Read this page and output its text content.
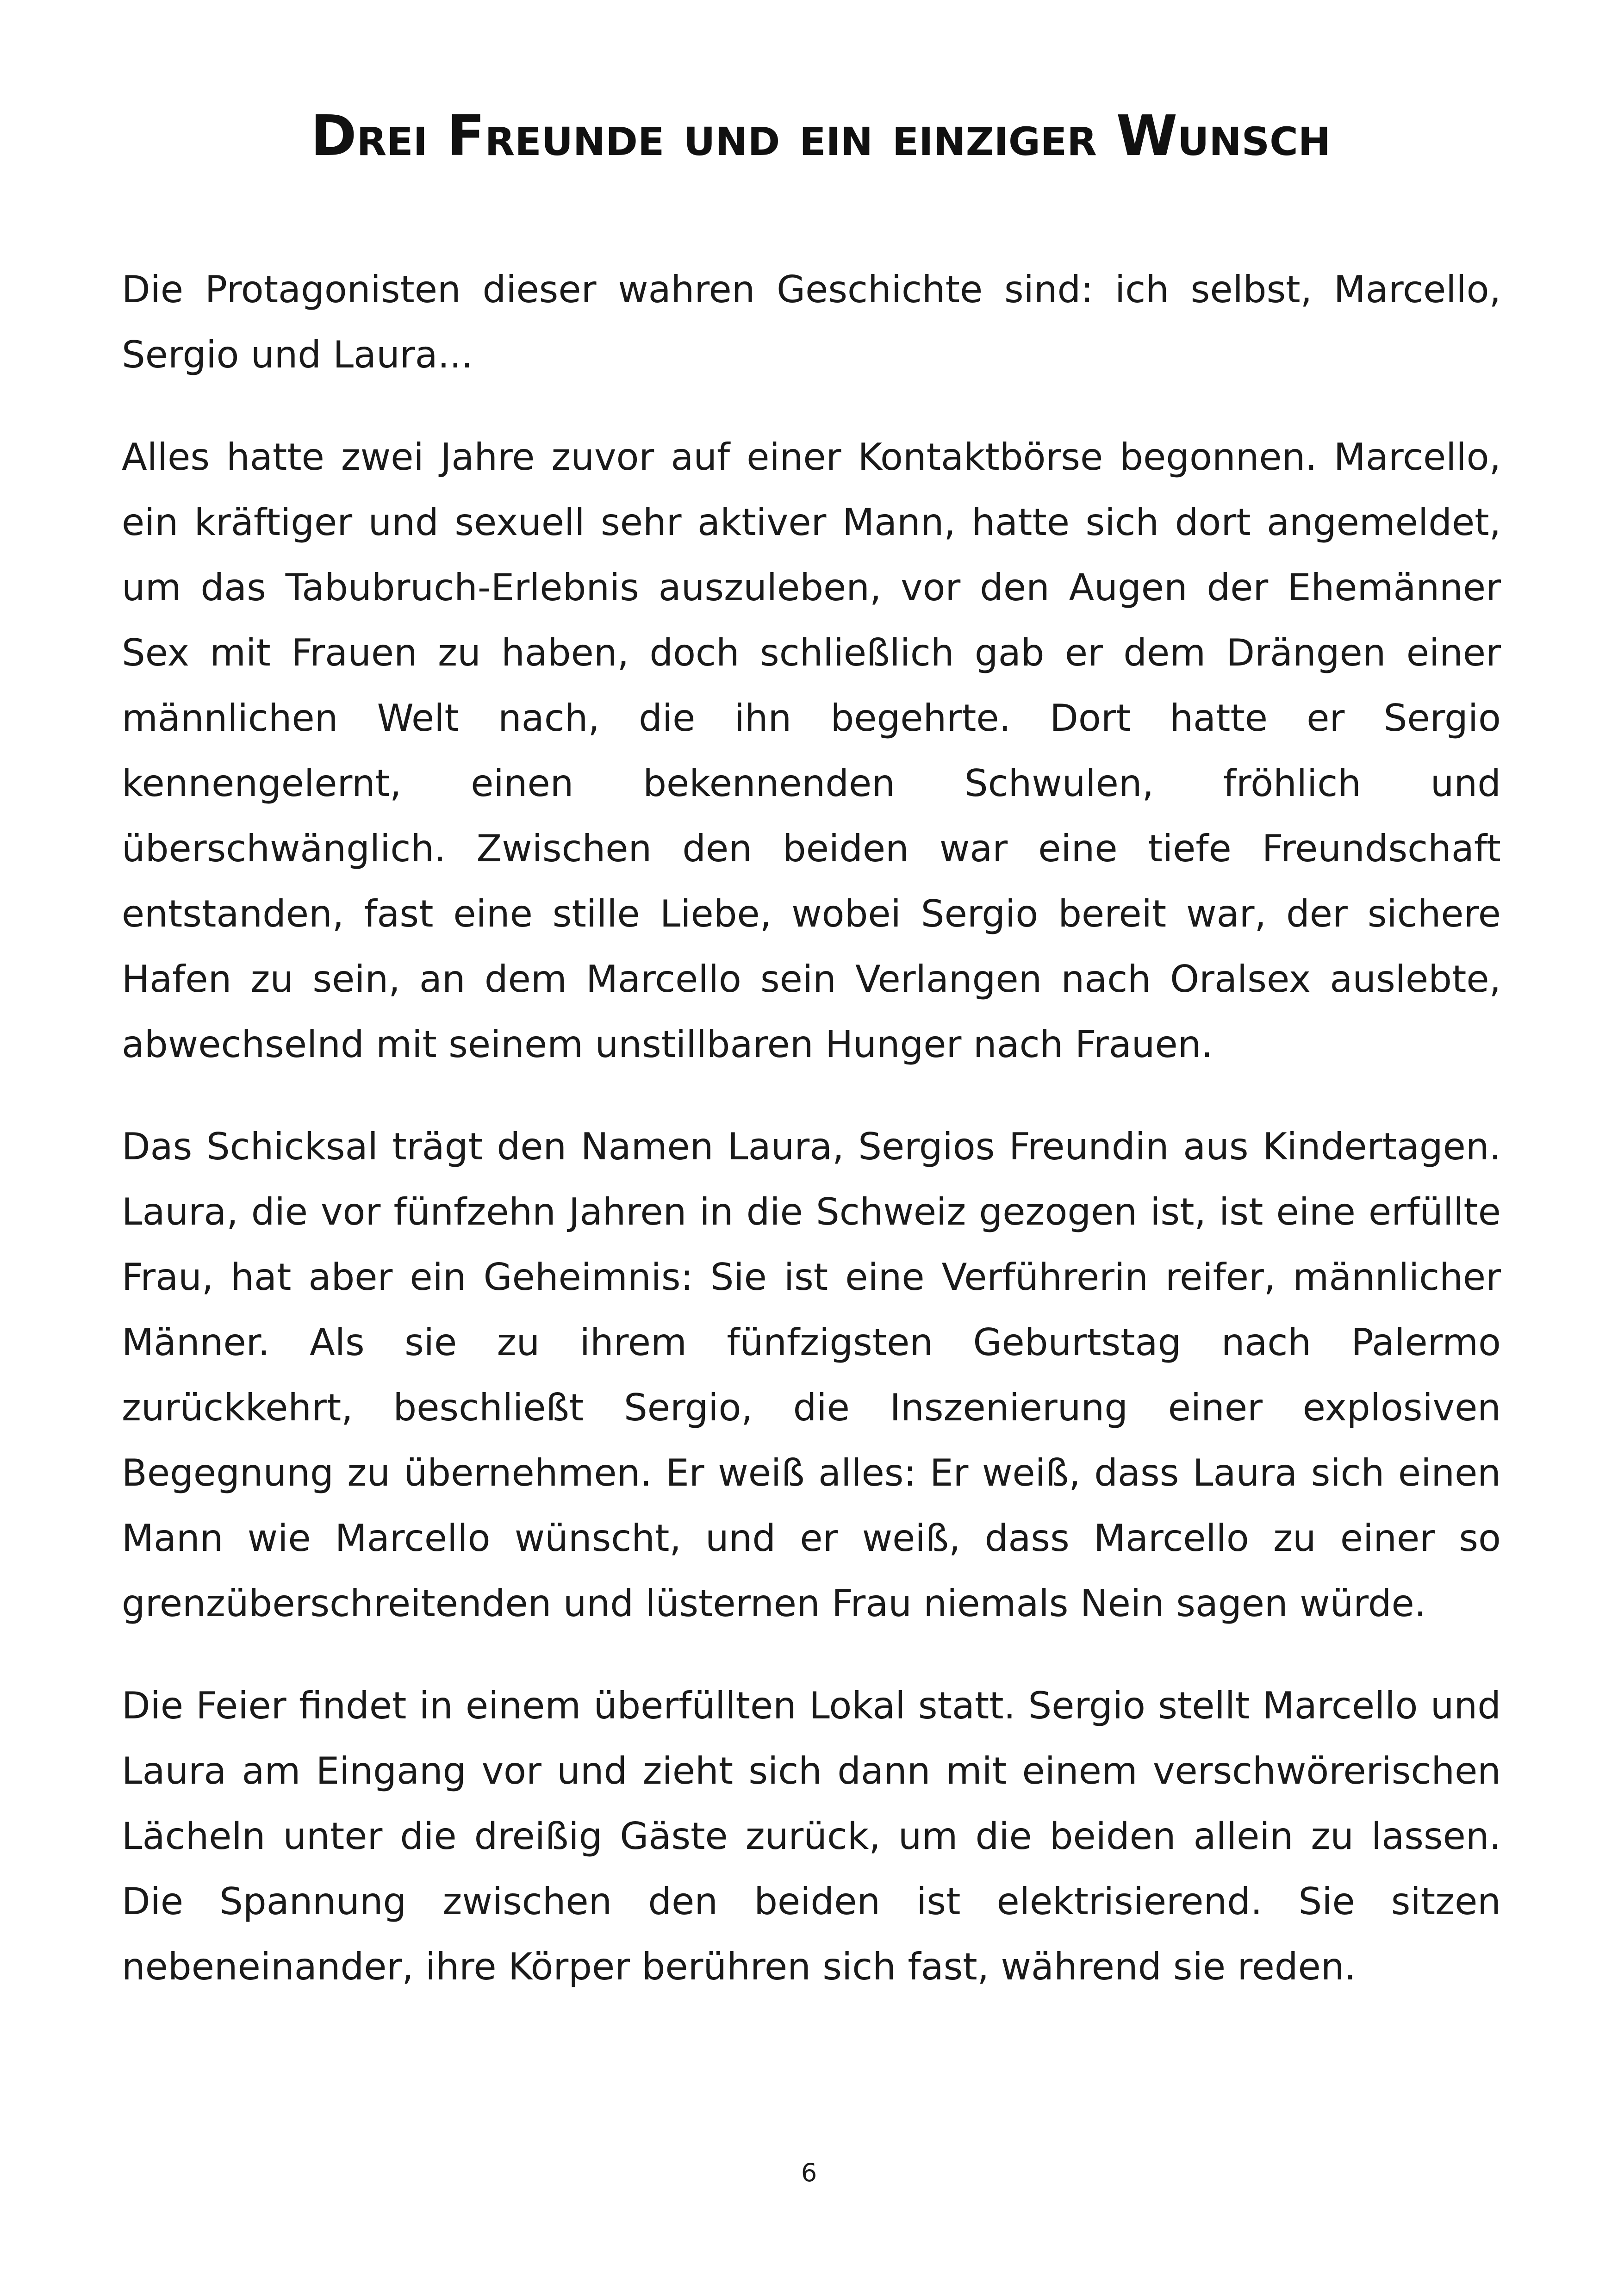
Drei Freunde und ein einziger Wunsch

Die Protagonisten dieser wahren Geschichte sind: ich selbst, Marcello, Sergio und Laura...

Alles hatte zwei Jahre zuvor auf einer Kontaktbörse begonnen. Marcello, ein kräftiger und sexuell sehr aktiver Mann, hatte sich dort angemeldet, um das Tabubruch-Erlebnis auszuleben, vor den Augen der Ehemänner Sex mit Frauen zu haben, doch schließlich gab er dem Drängen einer männlichen Welt nach, die ihn begehrte. Dort hatte er Sergio kennengelernt, einen bekennenden Schwulen, fröhlich und überschwänglich. Zwischen den beiden war eine tiefe Freundschaft entstanden, fast eine stille Liebe, wobei Sergio bereit war, der sichere Hafen zu sein, an dem Marcello sein Verlangen nach Oralsex auslebte, abwechselnd mit seinem unstillbaren Hunger nach Frauen.

Das Schicksal trägt den Namen Laura, Sergios Freundin aus Kindertagen. Laura, die vor fünfzehn Jahren in die Schweiz gezogen ist, ist eine erfüllte Frau, hat aber ein Geheimnis: Sie ist eine Verführerin reifer, männlicher Männer. Als sie zu ihrem fünfzigsten Geburtstag nach Palermo zurückkehrt, beschließt Sergio, die Inszenierung einer explosiven Begegnung zu übernehmen. Er weiß alles: Er weiß, dass Laura sich einen Mann wie Marcello wünscht, und er weiß, dass Marcello zu einer so grenzüberschreitenden und lüsternen Frau niemals Nein sagen würde.

Die Feier findet in einem überfüllten Lokal statt. Sergio stellt Marcello und Laura am Eingang vor und zieht sich dann mit einem verschwörerischen Lächeln unter die dreißig Gäste zurück, um die beiden allein zu lassen. Die Spannung zwischen den beiden ist elektrisierend. Sie sitzen nebeneinander, ihre Körper berühren sich fast, während sie reden.

6
